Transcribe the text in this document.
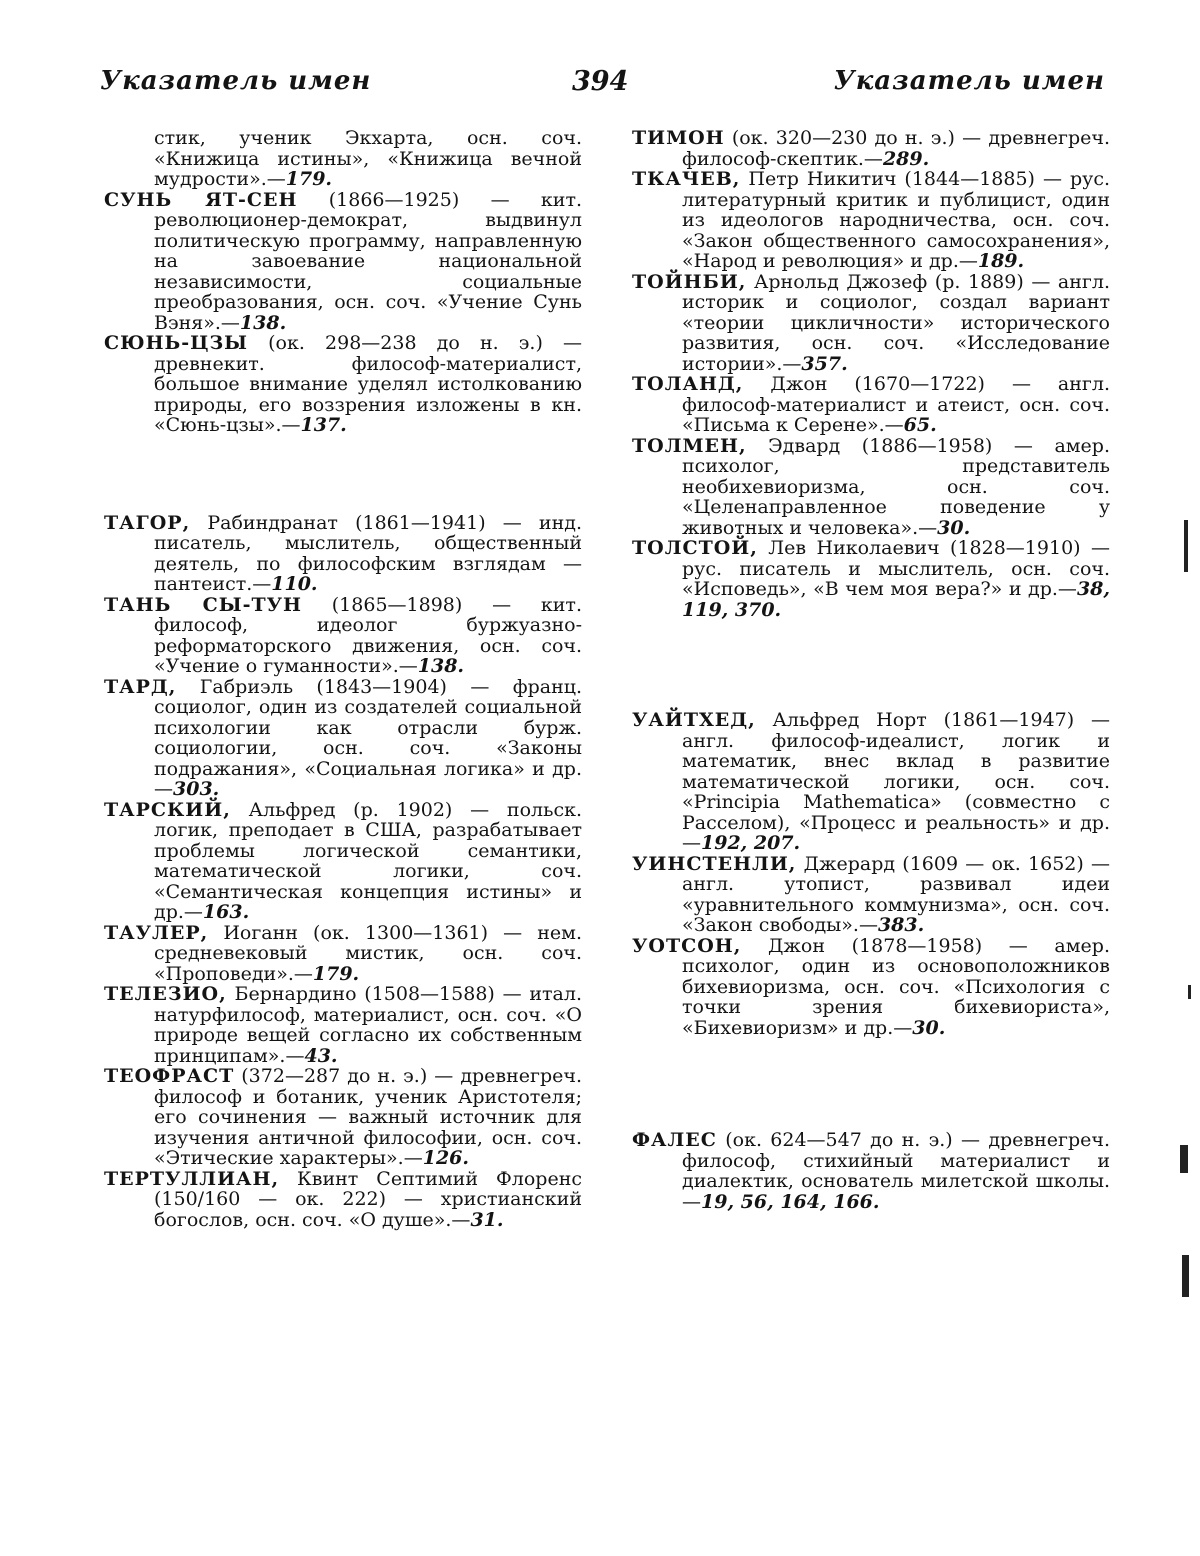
Указатель имен	394	Указатель имен

стик, ученик Экхарта, осн. соч. «Книжица истины», «Книжица вечной мудрости».—179.

СУНЬ ЯТ-СЕН (1866—1925) — кит. революционер-демократ, выдвинул политическую программу, направленную на завоевание национальной независимости, социальные преобразования, осн. соч. «Учение Сунь Вэня».—138.

СЮНЬ-ЦЗЫ (ок. 298—238 до н. э.) — древнекит. философ-материалист, большое внимание уделял истолкованию природы, его воззрения изложены в кн. «Сюнь-цзы».—137.

ТАГОР, Рабиндранат (1861—1941) — инд. писатель, мыслитель, общественный деятель, по философским взглядам — пантеист.—110.

ТАНЬ СЫ-ТУН (1865—1898) — кит. философ, идеолог буржуазно-реформаторского движения, осн. соч. «Учение о гуманности».—138.

ТАРД, Габриэль (1843—1904) — франц. социолог, один из создателей социальной психологии как отрасли бурж. социологии, осн. соч. «Законы подражания», «Социальная логика» и др.—303.

ТАРСКИЙ, Альфред (р. 1902) — польск. логик, преподает в США, разрабатывает проблемы логической семантики, математической логики, соч. «Семантическая концепция истины» и др.—163.

ТАУЛЕР, Иоганн (ок. 1300—1361) — нем. средневековый мистик, осн. соч. «Проповеди».—179.

ТЕЛЕЗИО, Бернардино (1508—1588) — итал. натурфилософ, материалист, осн. соч. «О природе вещей согласно их собственным принципам».—43.

ТЕОФРАСТ (372—287 до н. э.) — древнегреч. философ и ботаник, ученик Аристотеля; его сочинения — важный источник для изучения античной философии, осн. соч. «Этические характеры».—126.

ТЕРТУЛЛИАН, Квинт Септимий Флоренс (150/160 — ок. 222) — христианский богослов, осн. соч. «О душе».—31.

ТИМОН (ок. 320—230 до н. э.) — древнегреч. философ-скептик.—289.

ТКАЧЕВ, Петр Никитич (1844—1885) — рус. литературный критик и публицист, один из идеологов народничества, осн. соч. «Закон общественного самосохранения», «Народ и революция» и др.—189.

ТОЙНБИ, Арнольд Джозеф (р. 1889) — англ. историк и социолог, создал вариант «теории цикличности» исторического развития, осн. соч. «Исследование истории».—357.

ТОЛАНД, Джон (1670—1722) — англ. философ-материалист и атеист, осн. соч. «Письма к Серене».—65.

ТОЛМЕН, Эдвард (1886—1958) — амер. психолог, представитель необихевиоризма, осн. соч. «Целенаправленное поведение у животных и человека».—30.

ТОЛСТОЙ, Лев Николаевич (1828—1910) — рус. писатель и мыслитель, осн. соч. «Исповедь», «В чем моя вера?» и др.—38, 119, 370.

УАЙТХЕД, Альфред Норт (1861—1947) — англ. философ-идеалист, логик и математик, внес вклад в развитие математической логики, осн. соч. «Principia Mathematica» (совместно с Расселом), «Процесс и реальность» и др.—192, 207.

УИНСТЕНЛИ, Джерард (1609 — ок. 1652) — англ. утопист, развивал идеи «уравнительного коммунизма», осн. соч. «Закон свободы».—383.

УОТСОН, Джон (1878—1958) — амер. психолог, один из основоположников бихевиоризма, осн. соч. «Психология с точки зрения бихевиориста», «Бихевиоризм» и др.—30.

ФАЛЕС (ок. 624—547 до н. э.) — древнегреч. философ, стихийный материалист и диалектик, основатель милетской школы.—19, 56, 164, 166.
